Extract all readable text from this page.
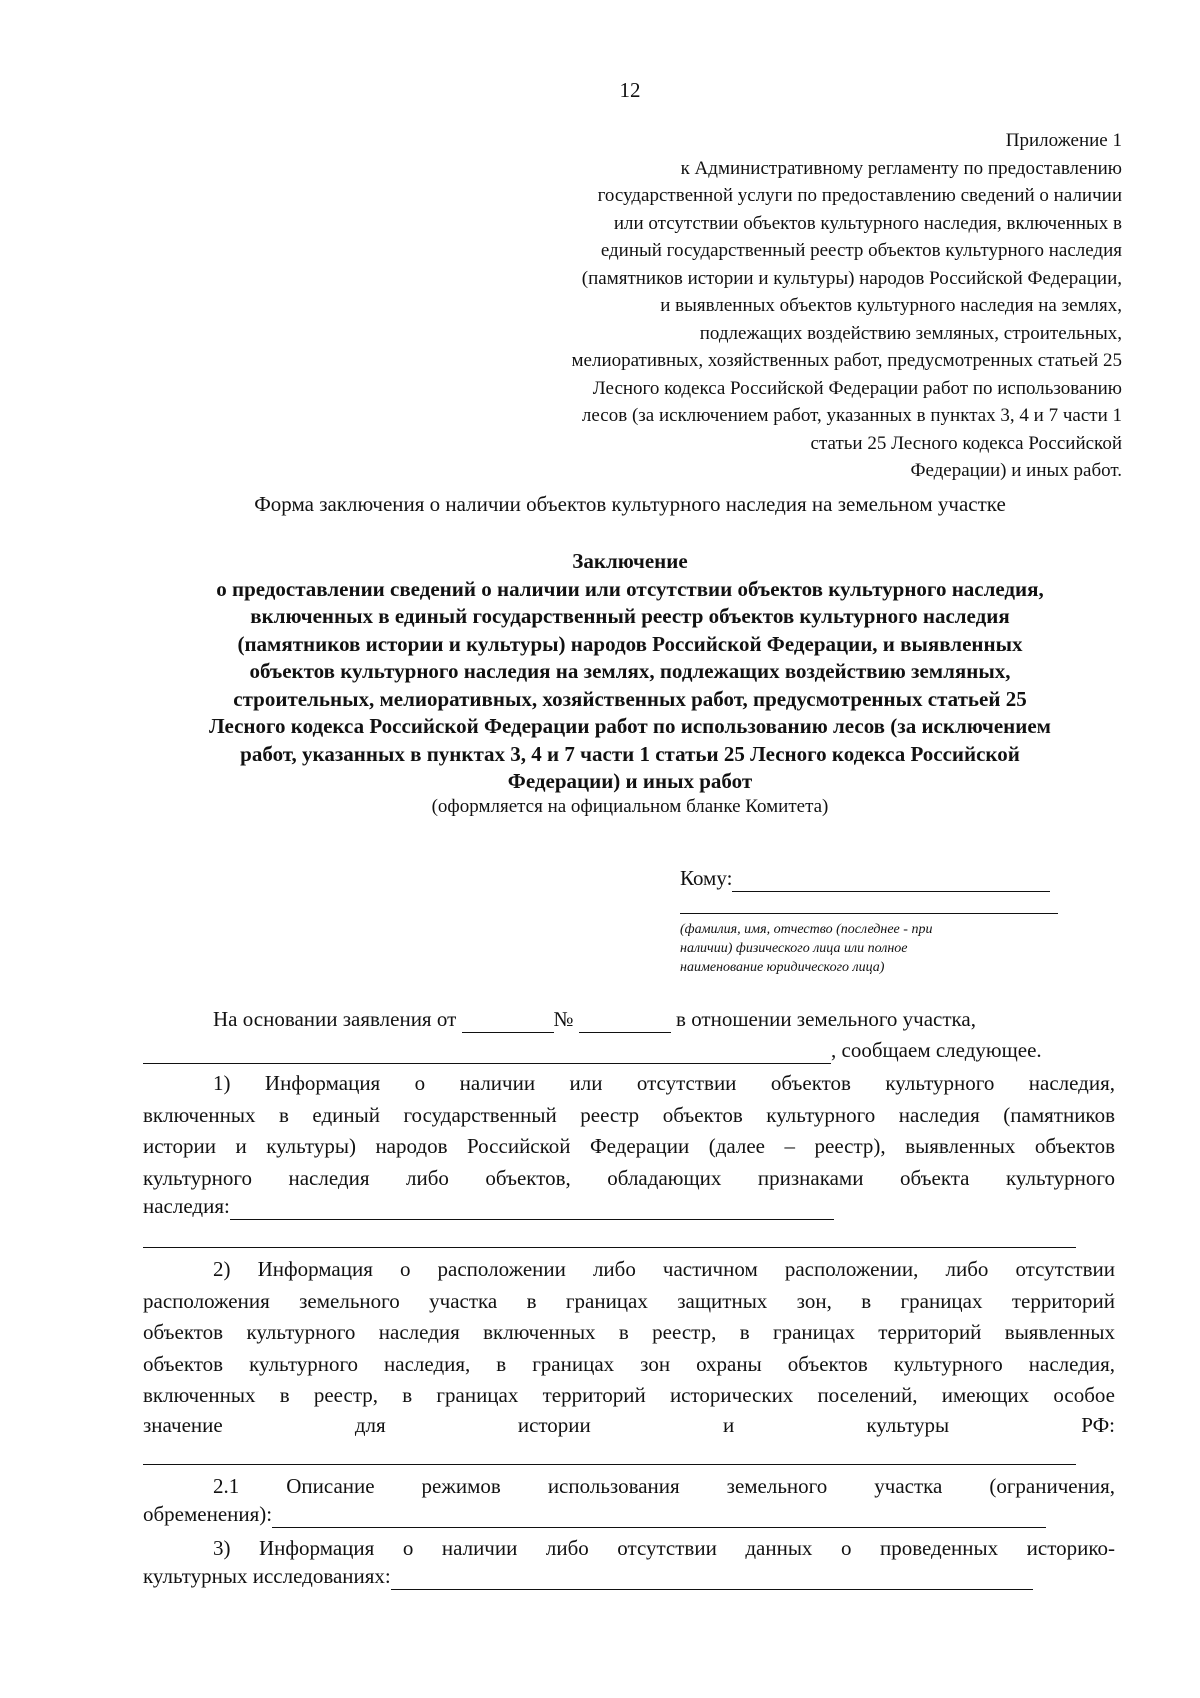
12
Приложение 1
к Административному регламенту по предоставлению
государственной услуги по предоставлению сведений о наличии
или отсутствии объектов культурного наследия, включенных в
единый государственный реестр объектов культурного наследия
(памятников истории и культуры) народов Российской Федерации,
и выявленных объектов культурного наследия на землях,
подлежащих воздействию земляных, строительных,
мелиоративных, хозяйственных работ, предусмотренных статьей 25
Лесного кодекса Российской Федерации работ по использованию
лесов (за исключением работ, указанных в пунктах 3, 4 и 7 части 1
статьи 25 Лесного кодекса Российской
Федерации) и иных работ.
Форма заключения о наличии объектов культурного наследия на земельном участке
Заключение
о предоставлении сведений о наличии или отсутствии объектов культурного наследия,
включенных в единый государственный реестр объектов культурного наследия
(памятников истории и культуры) народов Российской Федерации, и выявленных
объектов культурного наследия на землях, подлежащих воздействию земляных,
строительных, мелиоративных, хозяйственных работ, предусмотренных статьей 25
Лесного кодекса Российской Федерации работ по использованию лесов (за исключением
работ, указанных в пунктах 3, 4 и 7 части 1 статьи 25 Лесного кодекса Российской
Федерации) и иных работ
(оформляется на официальном бланке Комитета)
Кому:
(фамилия, имя, отчество (последнее - при
наличии) физического лица или полное
наименование юридического лица)
На основании заявления от	№	в отношении земельного участка,
, сообщаем следующее.
1) Информация о наличии или отсутствии объектов культурного наследия,
включенных в единый государственный реестр объектов культурного наследия (памятников
истории и культуры) народов Российской Федерации (далее – реестр), выявленных объектов
культурного наследия либо объектов, обладающих признаками объекта культурного
наследия:
2) Информация о расположении либо частичном расположении, либо отсутствии
расположения земельного участка в границах защитных зон, в границах территорий
объектов культурного наследия включенных в реестр, в границах территорий выявленных
объектов культурного наследия, в границах зон охраны объектов культурного наследия,
включенных в реестр, в границах территорий исторических поселений, имеющих особое
значение	для	истории	и	культуры	РФ:
2.1 Описание режимов использования земельного участка (ограничения,
обременения):
3) Информация о наличии либо отсутствии данных о проведенных историко-
культурных исследованиях:
